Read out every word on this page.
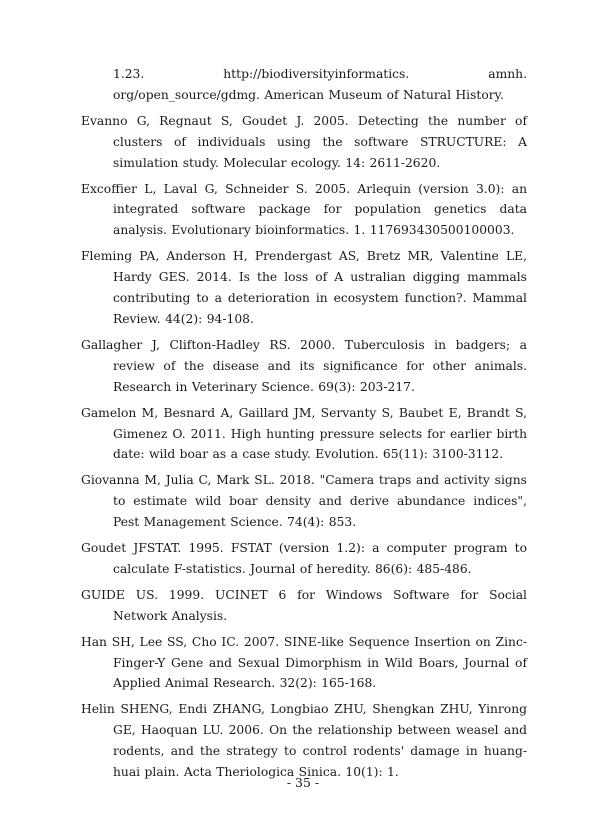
1.23. http://biodiversityinformatics. amnh. org/open_source/gdmg. American Museum of Natural History.
Evanno G, Regnaut S, Goudet J. 2005. Detecting the number of clusters of individuals using the software STRUCTURE: A simulation study. Molecular ecology. 14: 2611-2620.
Excoffier L, Laval G, Schneider S. 2005. Arlequin (version 3.0): an integrated software package for population genetics data analysis. Evolutionary bioinformatics. 1. 117693430500100003.
Fleming PA, Anderson H, Prendergast AS, Bretz MR, Valentine LE, Hardy GES. 2014. Is the loss of A ustralian digging mammals contributing to a deterioration in ecosystem function?. Mammal Review. 44(2): 94-108.
Gallagher J, Clifton-Hadley RS. 2000. Tuberculosis in badgers; a review of the disease and its significance for other animals. Research in Veterinary Science. 69(3): 203-217.
Gamelon M, Besnard A, Gaillard JM, Servanty S, Baubet E, Brandt S, Gimenez O. 2011. High hunting pressure selects for earlier birth date: wild boar as a case study. Evolution. 65(11): 3100-3112.
Giovanna M, Julia C, Mark SL. 2018. "Camera traps and activity signs to estimate wild boar density and derive abundance indices", Pest Management Science. 74(4): 853.
Goudet JFSTAT. 1995. FSTAT (version 1.2): a computer program to calculate F-statistics. Journal of heredity. 86(6): 485-486.
GUIDE US. 1999. UCINET 6 for Windows Software for Social Network Analysis.
Han SH, Lee SS, Cho IC. 2007. SINE-like Sequence Insertion on Zinc-Finger-Y Gene and Sexual Dimorphism in Wild Boars, Journal of Applied Animal Research. 32(2): 165-168.
Helin SHENG, Endi ZHANG, Longbiao ZHU, Shengkan ZHU, Yinrong GE, Haoquan LU. 2006. On the relationship between weasel and rodents, and the strategy to control rodents' damage in huang-huai plain. Acta Theriologica Sinica. 10(1): 1.
- 35 -
